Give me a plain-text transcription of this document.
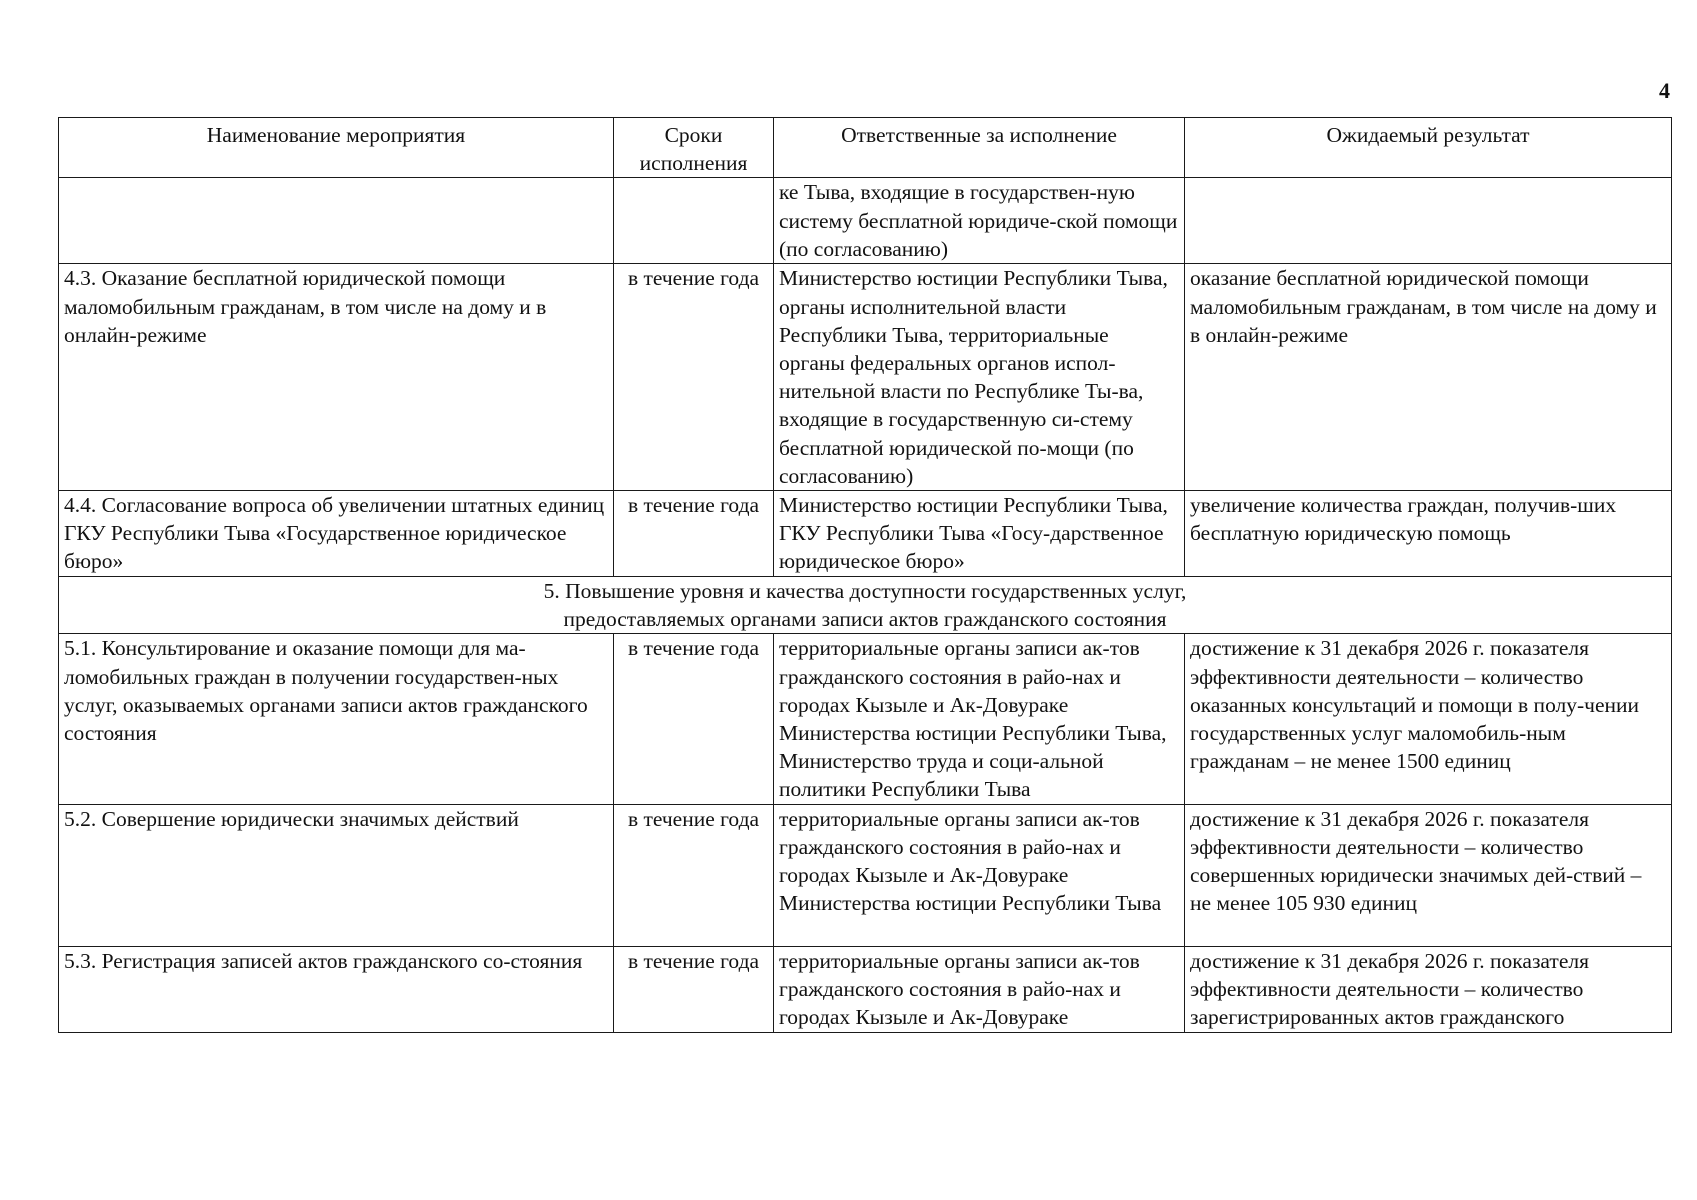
4
Наименование мероприятия	Сроки исполнения	Ответственные за исполнение	Ожидаемый результат
		ке Тыва, входящие в государствен-ную систему бесплатной юридиче-ской помощи (по согласованию)	
4.3. Оказание бесплатной юридической помощи маломобильным гражданам, в том числе на дому и в онлайн-режиме	в течение года	Министерство юстиции Республики Тыва, органы исполнительной власти Республики Тыва, территориальные органы федеральных органов испол-нительной власти по Республике Ты-ва, входящие в государственную си-стему бесплатной юридической по-мощи (по согласованию)	оказание бесплатной юридической помощи маломобильным гражданам, в том числе на дому и в онлайн-режиме
4.4. Согласование вопроса об увеличении штатных единиц ГКУ Республики Тыва «Государственное юридическое бюро»	в течение года	Министерство юстиции Республики Тыва, ГКУ Республики Тыва «Госу-дарственное юридическое бюро»	увеличение количества граждан, получив-ших бесплатную юридическую помощь

5. Повышение уровня и качества доступности государственных услуг,
предоставляемых органами записи актов гражданского состояния			

5.1. Консультирование и оказание помощи для ма-ломобильных граждан в получении государствен-ных услуг, оказываемых органами записи актов гражданского состояния	в течение года	территориальные органы записи ак-тов гражданского состояния в райо-нах и городах Кызыле и Ак-Довураке Министерства юстиции Республики Тыва, Министерство труда и соци-альной политики Республики Тыва	достижение к 31 декабря 2026 г. показателя эффективности деятельности – количество оказанных консультаций и помощи в полу-чении государственных услуг маломобиль-ным гражданам – не менее 1500 единиц
5.2. Совершение юридически значимых действий	в течение года	территориальные органы записи ак-тов гражданского состояния в райо-нах и городах Кызыле и Ак-Довураке Министерства юстиции Республики Тыва	достижение к 31 декабря 2026 г. показателя эффективности деятельности – количество совершенных юридически значимых дей-ствий – не менее 105 930 единиц
5.3. Регистрация записей актов гражданского со-стояния	в течение года	территориальные органы записи ак-тов гражданского состояния в райо-нах и городах Кызыле и Ак-Довураке	достижение к 31 декабря 2026 г. показателя эффективности деятельности – количество зарегистрированных актов гражданского
